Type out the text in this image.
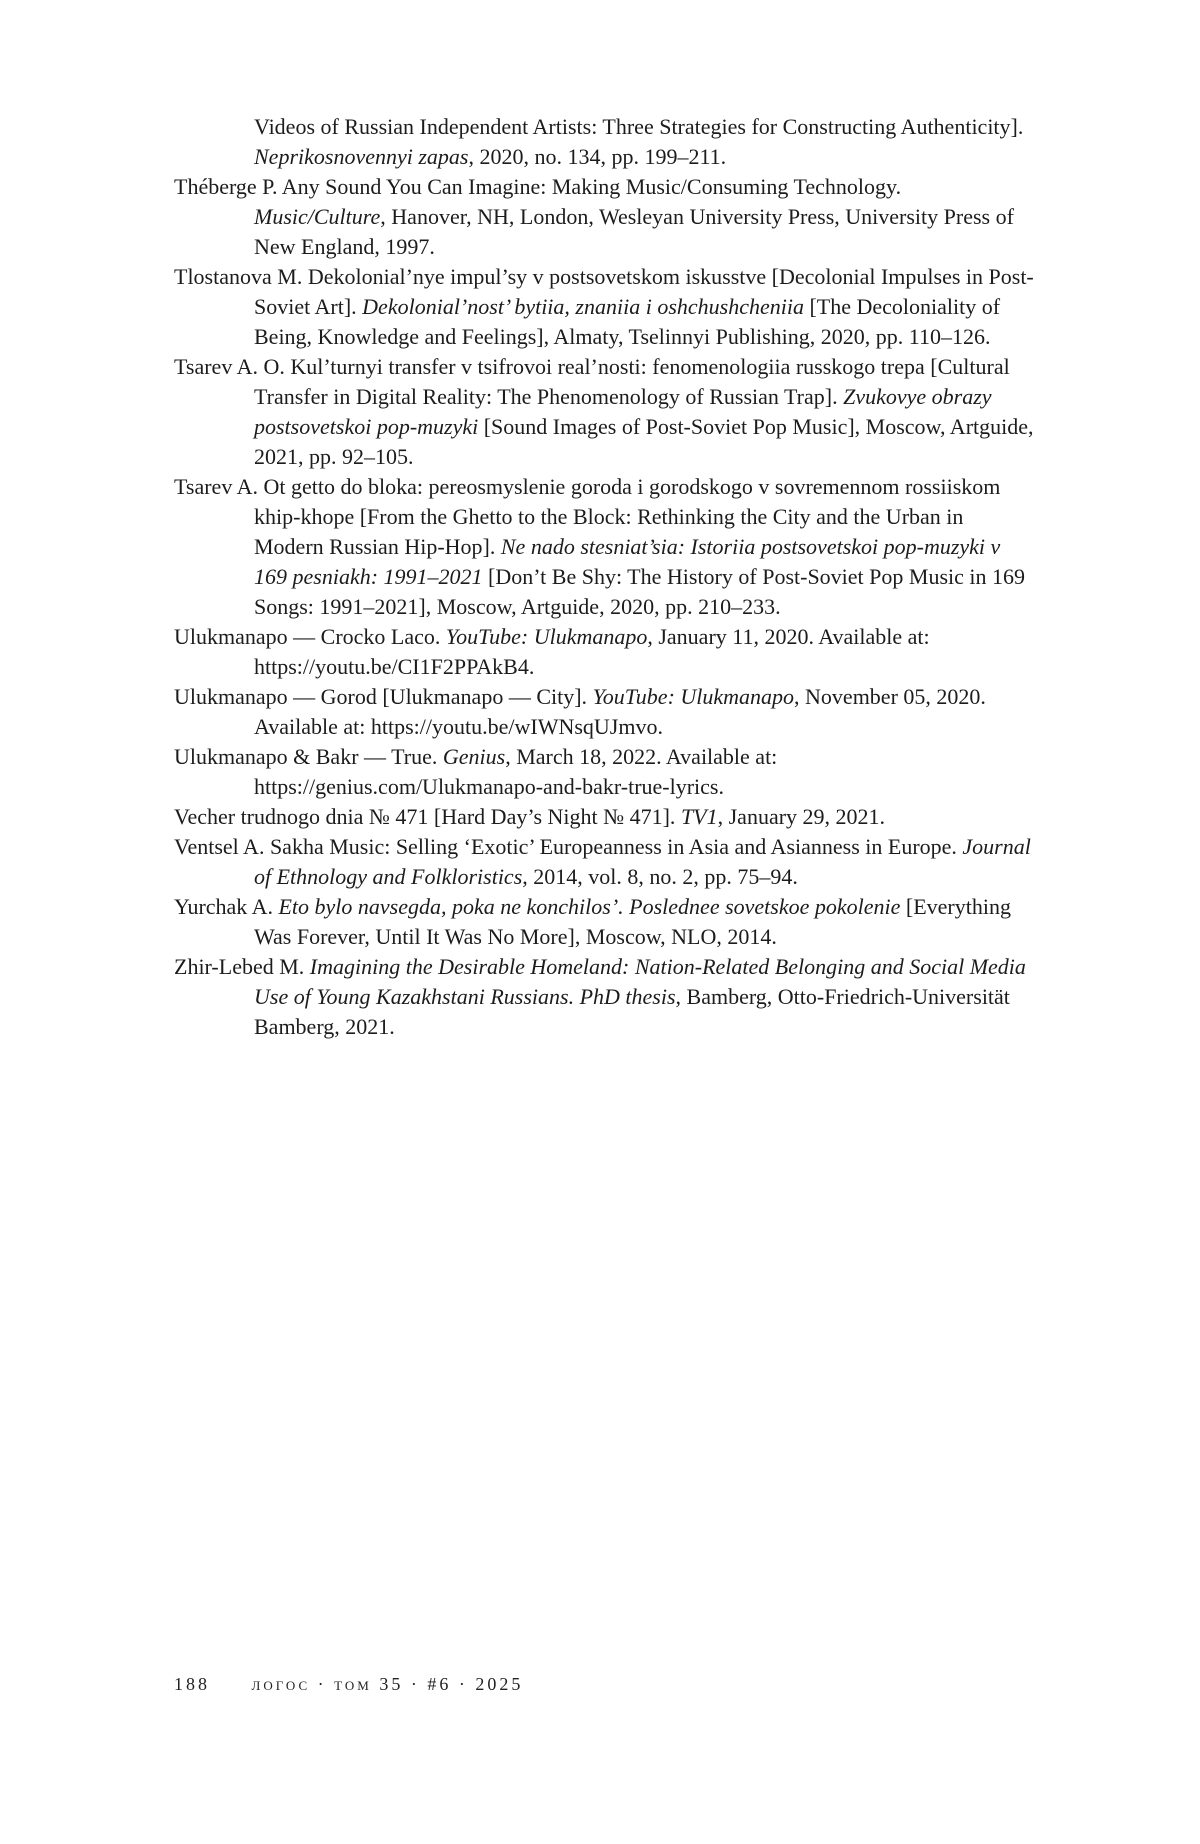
Videos of Russian Independent Artists: Three Strategies for Constructing Authenticity]. Neprikosnovennyi zapas, 2020, no. 134, pp. 199–211.

Théberge P. Any Sound You Can Imagine: Making Music/Consuming Technology. Music/Culture, Hanover, NH, London, Wesleyan University Press, University Press of New England, 1997.

Tlostanova M. Dekolonial’nye impul’sy v postsovetskom iskusstve [Decolonial Impulses in Post-Soviet Art]. Dekolonial’nost’ bytiia, znaniia i oshchushcheniia [The Decoloniality of Being, Knowledge and Feelings], Almaty, Tselinnyi Publishing, 2020, pp. 110–126.

Tsarev A. O. Kul’turnyi transfer v tsifrovoi real’nosti: fenomenologiia russkogo trepa [Cultural Transfer in Digital Reality: The Phenomenology of Russian Trap]. Zvukovye obrazy postsovetskoi pop-muzyki [Sound Images of Post-Soviet Pop Music], Moscow, Artguide, 2021, pp. 92–105.

Tsarev A. Ot getto do bloka: pereosmyslenie goroda i gorodskogo v sovremennom rossiiskom khip-khope [From the Ghetto to the Block: Rethinking the City and the Urban in Modern Russian Hip-Hop]. Ne nado stesniat’sia: Istoriia postsovetskoi pop-muzyki v 169 pesniakh: 1991–2021 [Don’t Be Shy: The History of Post-Soviet Pop Music in 169 Songs: 1991–2021], Moscow, Artguide, 2020, pp. 210–233.

Ulukmanapo — Crocko Laco. YouTube: Ulukmanapo, January 11, 2020. Available at: https://youtu.be/CI1F2PPAkB4.

Ulukmanapo — Gorod [Ulukmanapo — City]. YouTube: Ulukmanapo, November 05, 2020. Available at: https://youtu.be/wIWNsqUJmvo.

Ulukmanapo & Bakr — True. Genius, March 18, 2022. Available at: https://genius.com/Ulukmanapo-and-bakr-true-lyrics.

Vecher trudnogo dnia № 471 [Hard Day’s Night № 471]. TV1, January 29, 2021.

Ventsel A. Sakha Music: Selling ‘Exotic’ Europeanness in Asia and Asianness in Europe. Journal of Ethnology and Folkloristics, 2014, vol. 8, no. 2, pp. 75–94.

Yurchak A. Eto bylo navsegda, poka ne konchilos’. Poslednee sovetskoe pokolenie [Everything Was Forever, Until It Was No More], Moscow, NLO, 2014.

Zhir-Lebed M. Imagining the Desirable Homeland: Nation-Related Belonging and Social Media Use of Young Kazakhstani Russians. PhD thesis, Bamberg, Otto-Friedrich-Universität Bamberg, 2021.

188 логос · том 35 · #6 · 2025
